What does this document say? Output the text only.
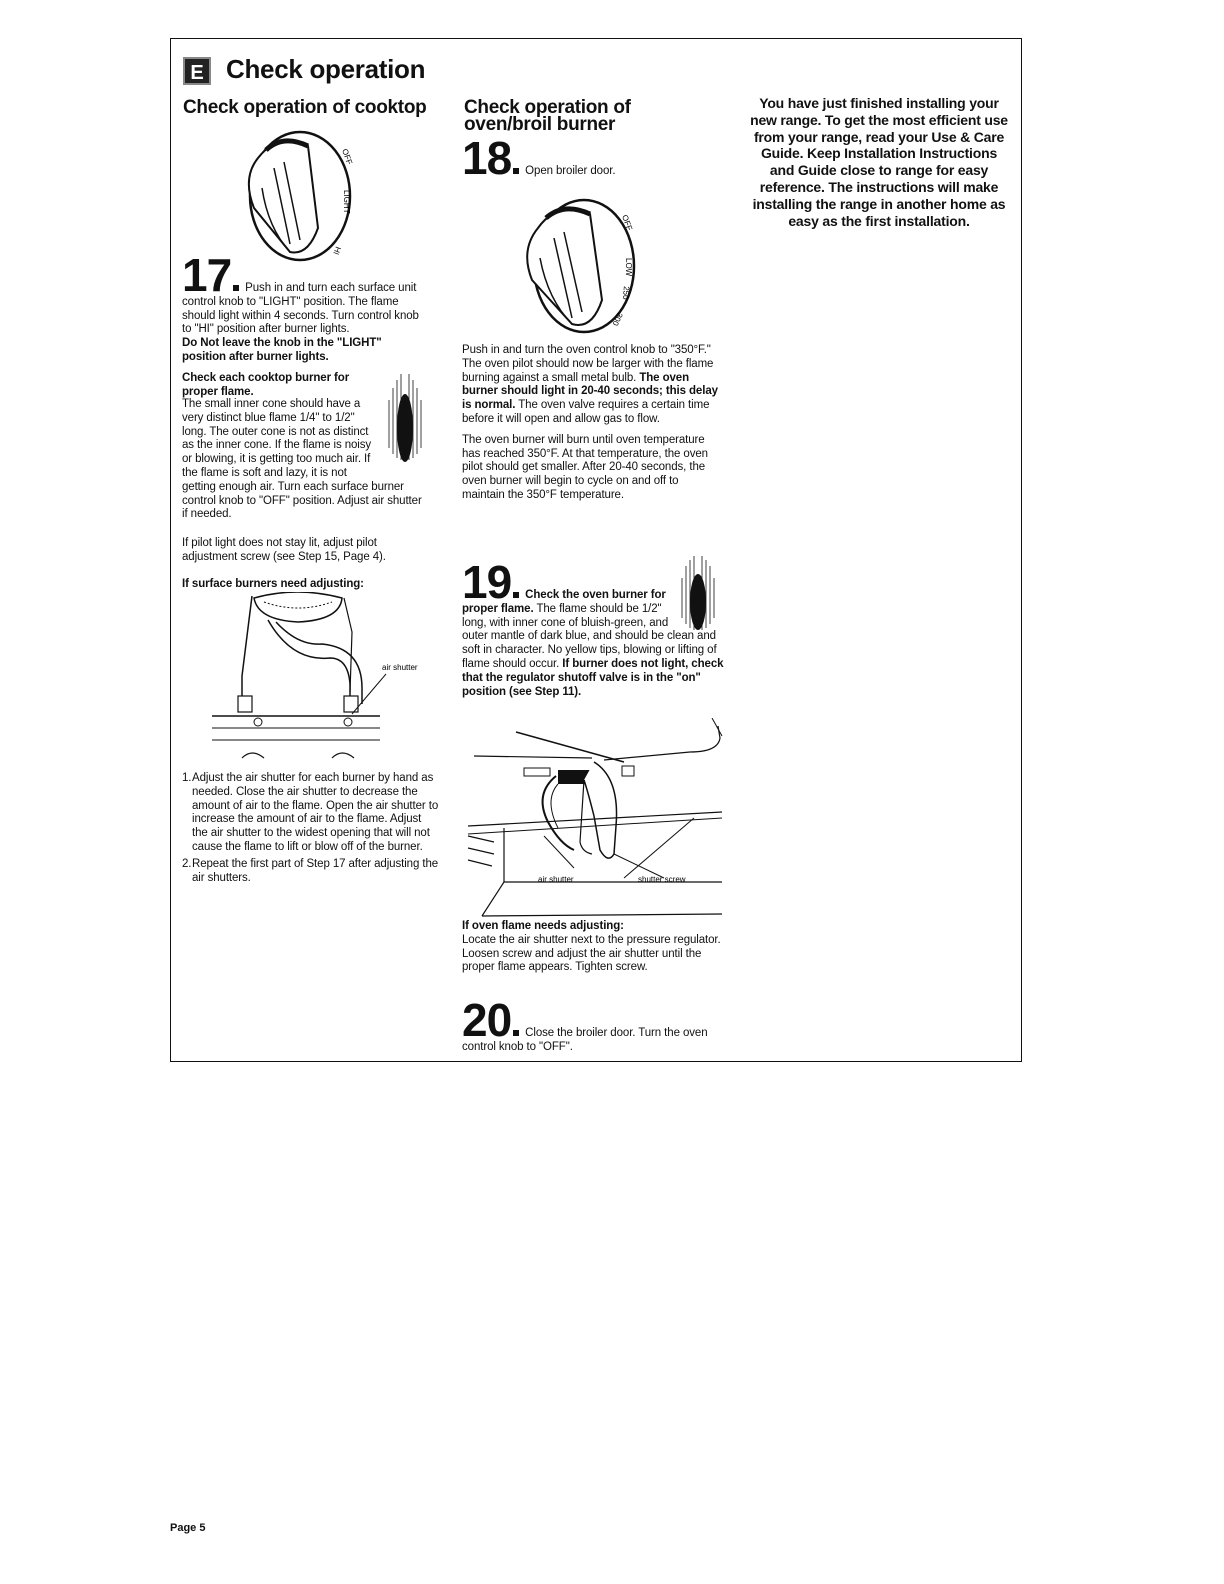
E Check operation
Check operation of cooktop
OFF
LIGHT
HI

17 Push in and turn each surface unit control knob to "LIGHT" position. The flame should light within 4 seconds. Turn control knob to "HI" position after burner lights.

Do Not leave the knob in the "LIGHT" position after burner lights.

Check each cooktop burner for proper flame.
The small inner cone should have a very distinct blue flame 1/4" to 1/2" long. The outer cone is not as distinct as the inner cone. If the flame is noisy or blowing, it is getting too much air. If the flame is soft and lazy, it is not getting enough air. Turn each surface burner control knob to "OFF" position. Adjust air shutter if needed.

If pilot light does not stay lit, adjust pilot adjustment screw (see Step 15, Page 4).

If surface burners need adjusting:
air shutter
1. Adjust the air shutter for each burner by hand as needed. Close the air shutter to decrease the amount of air to the flame. Open the air shutter to increase the amount of air to the flame. Adjust the air shutter to the widest opening that will not cause the flame to lift or blow off of the burner.
2. Repeat the first part of Step 17 after adjusting the air shutters.
Check operation of
oven/broil burner
18 Open broiler door.
OFF
LOW
250
300

Push in and turn the oven control knob to "350°F." The oven pilot should now be larger with the flame burning against a small metal bulb. The oven burner should light in 20-40 seconds; this delay is normal. The oven valve requires a certain time before it will open and allow gas to flow.

The oven burner will burn until oven temperature has reached 350°F. At that temperature, the oven pilot should get smaller. After 20-40 seconds, the oven burner will begin to cycle on and off to maintain the 350°F temperature.

19 Check the oven burner for proper flame. The flame should be 1/2" long, with inner cone of bluish-green, and outer mantle of dark blue, and should be clean and soft in character. No yellow tips, blowing or lifting of flame should occur. If burner does not light, check that the regulator shutoff valve is in the "on" position (see Step 11).
air shutter	shutter screw
If oven flame needs adjusting:
Locate the air shutter next to the pressure regulator. Loosen screw and adjust the air shutter until the proper flame appears. Tighten screw.
20 Close the broiler door. Turn the oven control knob to "OFF".
You have just finished installing your new range. To get the most efficient use from your range, read your Use & Care Guide. Keep Installation Instructions and Guide close to range for easy reference. The instructions will make installing the range in another home as easy as the first installation.
Page 5
